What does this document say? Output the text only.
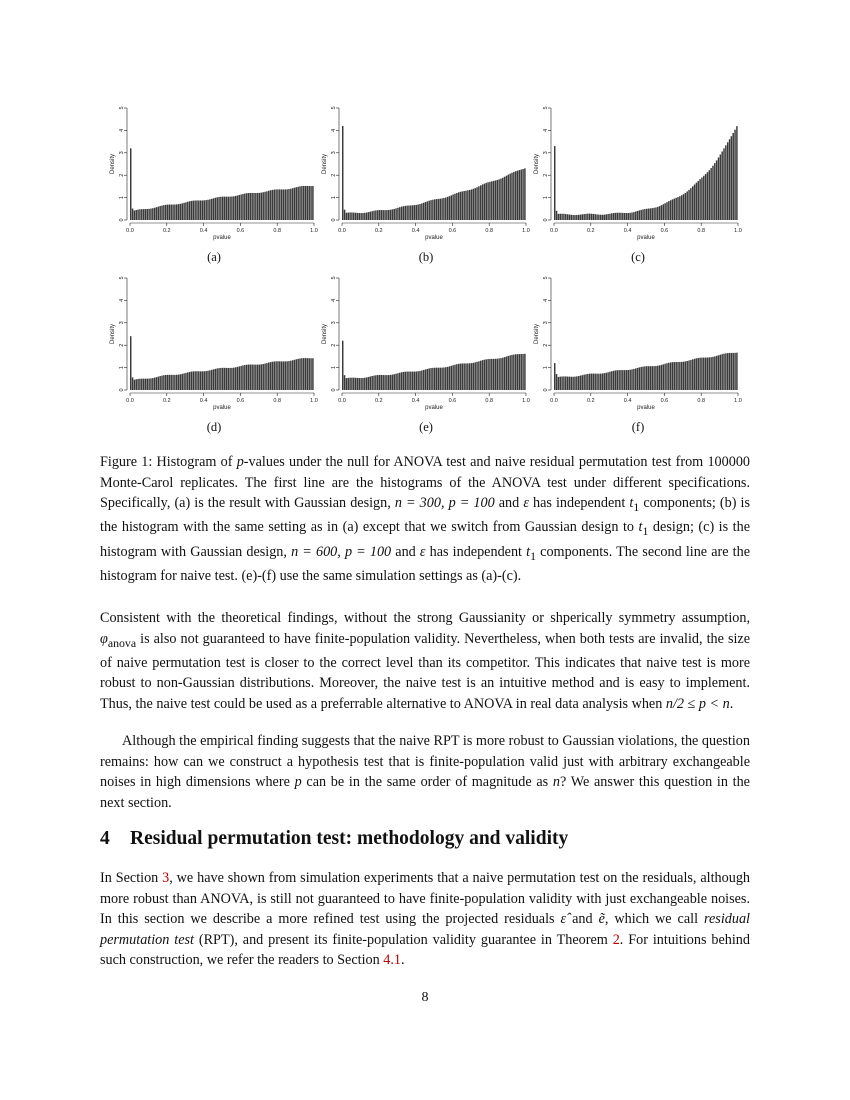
0.0	0.2	0.4	0.6	0.8	1.0
pvalue
0
1
2
3
4
5
Density
(a)
0.0	0.2	0.4	0.6	0.8	1.0
pvalue
0
1
2
3
4
5
Density
(b)
0.0	0.2	0.4	0.6	0.8	1.0
pvalue
0
1
2
3
4
5
Density
(c)
0.0	0.2	0.4	0.6	0.8	1.0
pvalue
0
1
2
3
4
5
Density
(d)
0.0	0.2	0.4	0.6	0.8	1.0
pvalue
0
1
2
3
4
5
Density
(e)
0.0	0.2	0.4	0.6	0.8	1.0
pvalue
0
1
2
3
4
5
Density
(f)
Figure 1: Histogram of p-values under the null for ANOVA test and naive residual permutation test from 100000 Monte-Carol replicates. The first line are the histograms of the ANOVA test under different specifications. Specifically, (a) is the result with Gaussian design, n = 300, p = 100 and ε has independent $t_1$ components; (b) is the histogram with the same setting as in (a) except that we switch from Gaussian design to $t_1$ design; (c) is the histogram with Gaussian design, n = 600, p = 100 and ε has independent $t_1$ components. The second line are the histogram for naive test. (e)-(f) use the same simulation settings as (a)-(c).

Consistent with the theoretical findings, without the strong Gaussianity or shperically symmetry assumption, $\varphi_{anova}$ is also not guaranteed to have finite-population validity. Nevertheless, when both tests are invalid, the size of naive permutation test is closer to the correct level than its competitor. This indicates that naive test is more robust to non-Gaussian distributions. Moreover, the naive test is an intuitive method and is easy to implement. Thus, the naive test could be used as a preferrable alternative to ANOVA in real data analysis when n/2 ≤ p < n.

Although the empirical finding suggests that the naive RPT is more robust to Gaussian violations, the question remains: how can we construct a hypothesis test that is finite-population valid just with arbitrary exchangeable noises in high dimensions where p can be in the same order of magnitude as n? We answer this question in the next section.

4 Residual permutation test: methodology and validity

In Section 3, we have shown from simulation experiments that a naive permutation test on the residuals, although more robust than ANOVA, is still not guaranteed to have finite-population validity with just exchangeable noises. In this section we describe a more refined test using the projected residuals ε̂ and ẽ, which we call residual permutation test (RPT), and present its finite-population validity guarantee in Theorem 2. For intuitions behind such construction, we refer the readers to Section 4.1.

8
